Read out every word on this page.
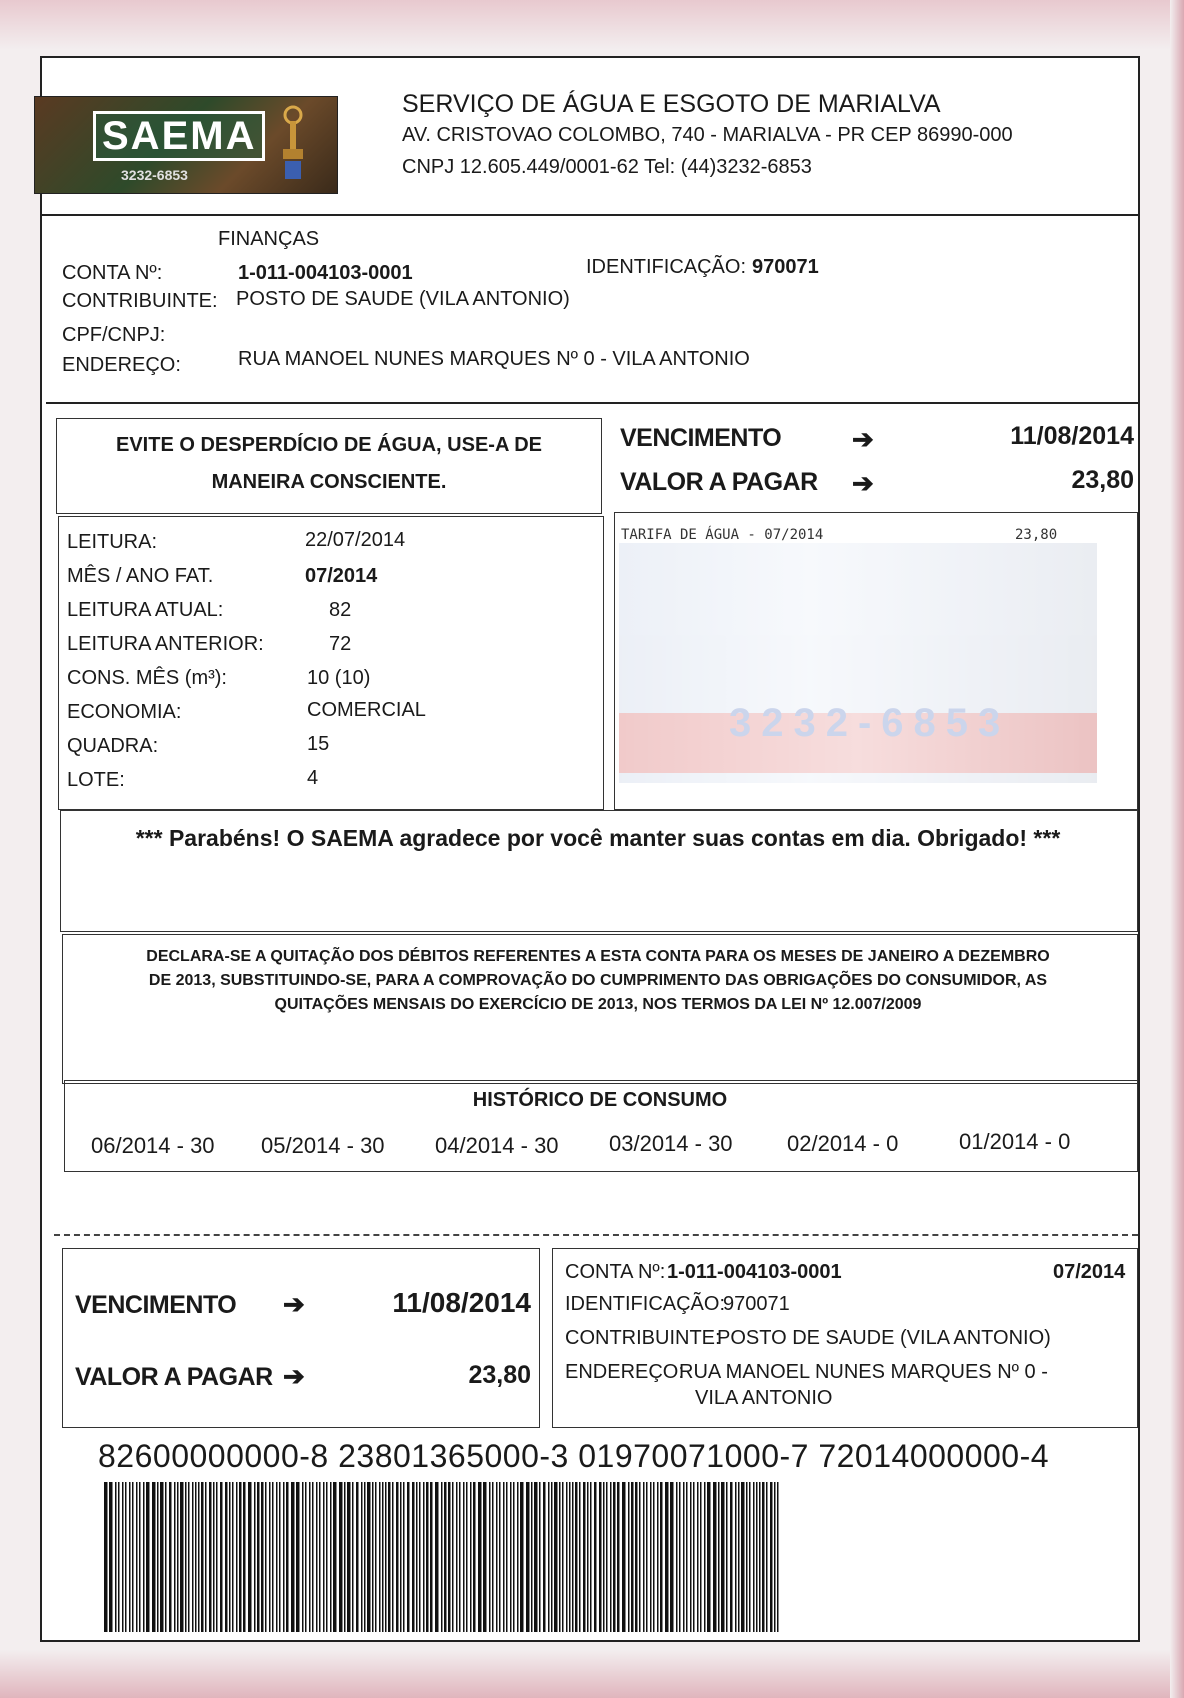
SAEMA
3232-6853
SERVIÇO DE ÁGUA E ESGOTO DE MARIALVA
AV. CRISTOVAO COLOMBO, 740 - MARIALVA - PR CEP 86990-000
CNPJ 12.605.449/0001-62 Tel: (44)3232-6853
FINANÇAS
CONTA Nº:	1-011-004103-0001	IDENTIFICAÇÃO: 970071
CONTRIBUINTE: POSTO DE SAUDE (VILA ANTONIO)
CPF/CNPJ:
ENDEREÇO:	RUA MANOEL NUNES MARQUES Nº 0 - VILA ANTONIO
EVITE O DESPERDÍCIO DE ÁGUA, USE-A DE
MANEIRA CONSCIENTE.
VENCIMENTO	➔	11/08/2014
VALOR A PAGAR ➔	23,80
LEITURA:	22/07/2014
MÊS / ANO FAT.	07/2014
LEITURA ATUAL:	82
LEITURA ANTERIOR:	72
CONS. MÊS (m³):	10 (10)
ECONOMIA:	COMERCIAL
QUADRA:	15
LOTE:	4
3232-6853
TARIFA DE ÁGUA - 07/2014	23,80
*** Parabéns! O SAEMA agradece por você manter suas contas em dia. Obrigado! ***
DECLARA-SE A QUITAÇÃO DOS DÉBITOS REFERENTES A ESTA CONTA PARA OS MESES DE JANEIRO A DEZEMBRO DE 2013, SUBSTITUINDO-SE, PARA A COMPROVAÇÃO DO CUMPRIMENTO DAS OBRIGAÇÕES DO CONSUMIDOR, AS QUITAÇÕES MENSAIS DO EXERCÍCIO DE 2013, NOS TERMOS DA LEI Nº 12.007/2009
HISTÓRICO DE CONSUMO
06/2014 - 30 05/2014 - 30 04/2014 - 30 03/2014 - 30 02/2014 - 0	01/2014 - 0
VENCIMENTO ➔	11/08/2014
VALOR A PAGAR ➔	23,80
CONTA Nº: 1-011-004103-0001	07/2014
IDENTIFICAÇÃO:
970071
CONTRIBUINTE:
POSTO DE SAUDE (VILA ANTONIO)
ENDEREÇO:
RUA MANOEL NUNES MARQUES Nº 0 -
VILA ANTONIO
82600000000-8 23801365000-3 01970071000-7 72014000000-4
